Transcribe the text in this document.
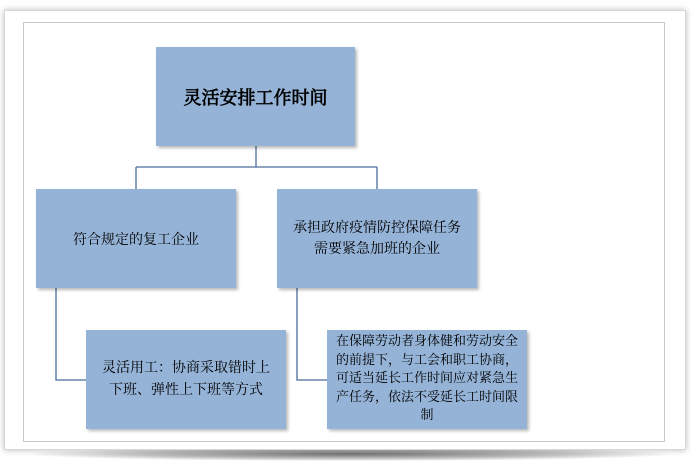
灵活安排工作时间
符合规定的复工企业
承担政府疫情防控保障任务需要紧急加班的企业
灵活用工：协商采取错时上下班、弹性上下班等方式
在保障劳动者身体健和劳动安全的前提下，与工会和职工协商，可适当延长工作时间应对紧急生产任务，依法不受延长工时间限制
